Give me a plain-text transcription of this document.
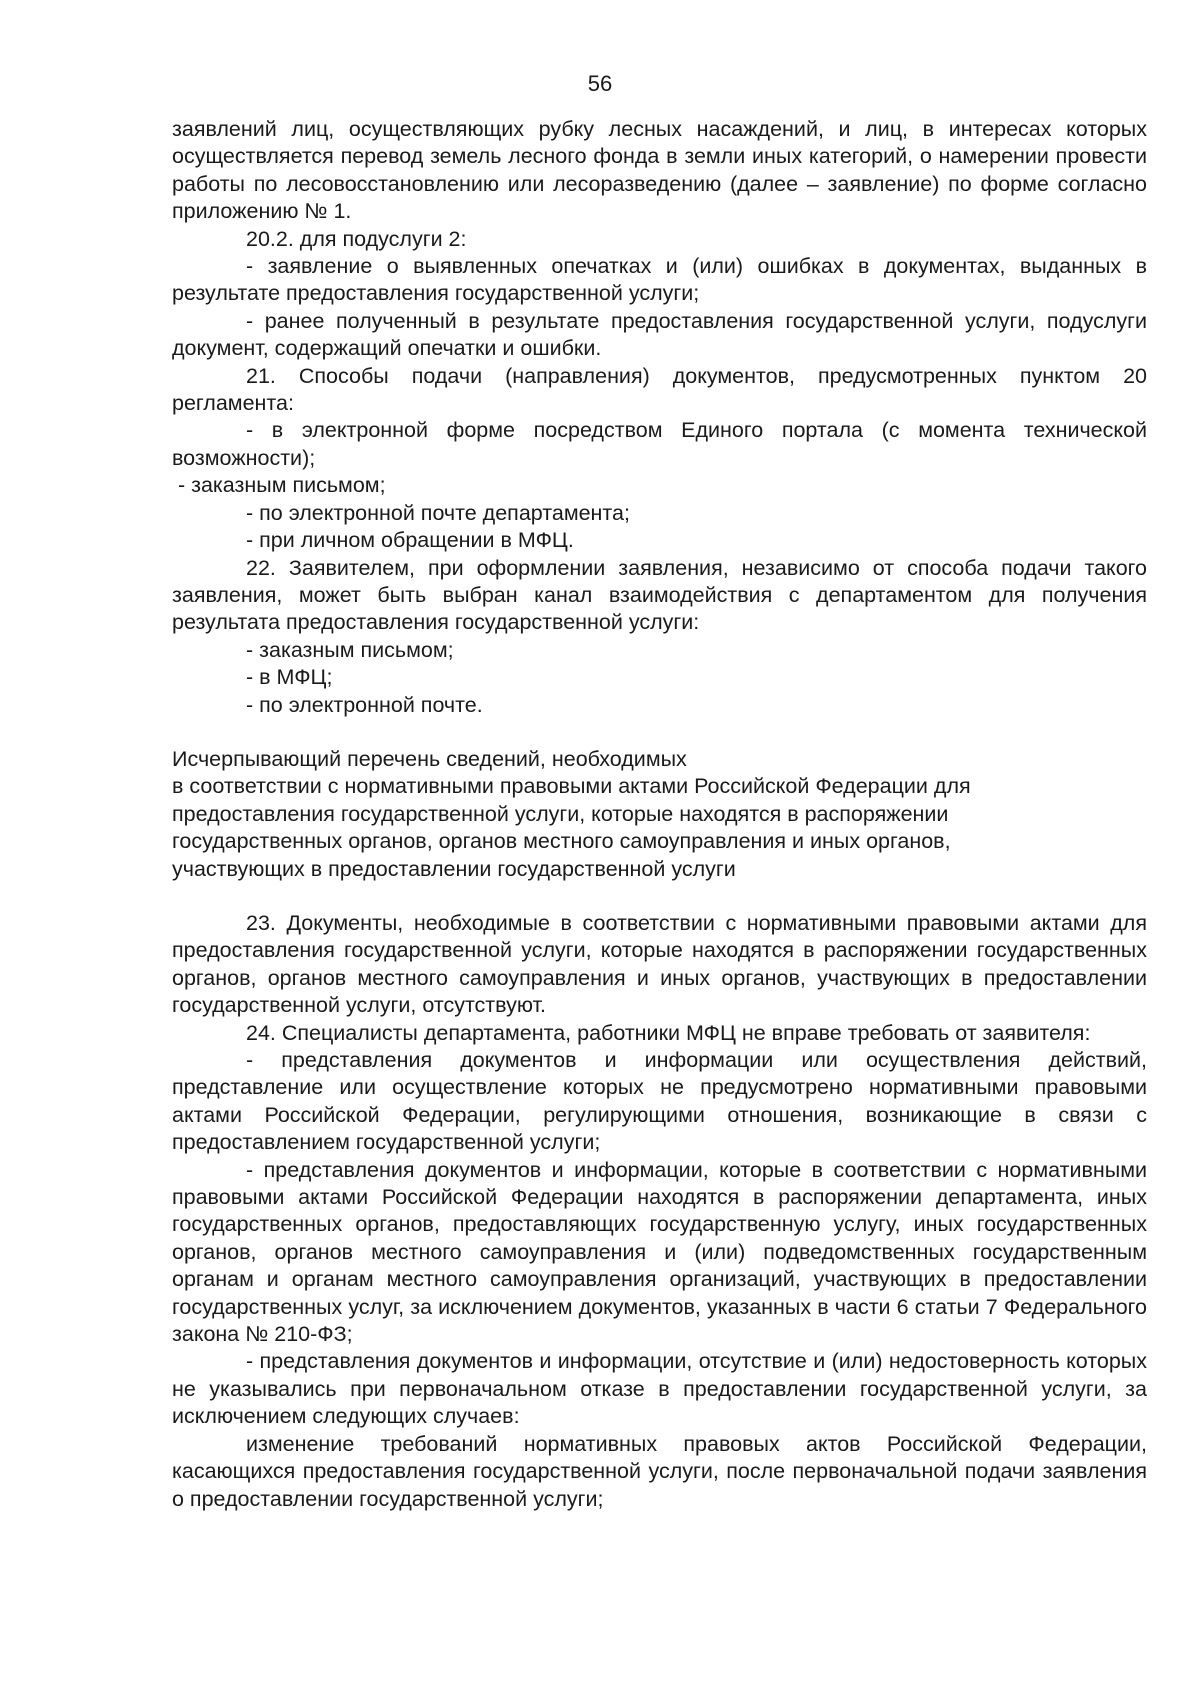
56

заявлений лиц, осуществляющих рубку лесных насаждений, и лиц, в интересах которых осуществляется перевод земель лесного фонда в земли иных категорий, о намерении провести работы по лесовосстановлению или лесоразведению (далее – заявление) по форме согласно приложению № 1.

20.2. для подуслуги 2:

- заявление о выявленных опечатках и (или) ошибках в документах, выданных в результате предоставления государственной услуги;

- ранее полученный в результате предоставления государственной услуги, подуслуги документ, содержащий опечатки и ошибки.

21. Способы подачи (направления) документов, предусмотренных пунктом 20 регламента:

- в электронной форме посредством Единого портала (с момента технической возможности);

- заказным письмом;

- по электронной почте департамента;

- при личном обращении в МФЦ.

22. Заявителем, при оформлении заявления, независимо от способа подачи такого заявления, может быть выбран канал взаимодействия с департаментом для получения результата предоставления государственной услуги:

- заказным письмом;

- в МФЦ;

- по электронной почте.

Исчерпывающий перечень сведений, необходимых

в соответствии с нормативными правовыми актами Российской Федерации для

предоставления государственной услуги, которые находятся в распоряжении

государственных органов, органов местного самоуправления и иных органов,

участвующих в предоставлении государственной услуги

23. Документы, необходимые в соответствии с нормативными правовыми актами для предоставления государственной услуги, которые находятся в распоряжении государственных органов, органов местного самоуправления и иных органов, участвующих в предоставлении государственной услуги, отсутствуют.

24. Специалисты департамента, работники МФЦ не вправе требовать от заявителя:

- представления документов и информации или осуществления действий, представление или осуществление которых не предусмотрено нормативными правовыми актами Российской Федерации, регулирующими отношения, возникающие в связи с предоставлением государственной услуги;

- представления документов и информации, которые в соответствии с нормативными правовыми актами Российской Федерации находятся в распоряжении департамента, иных государственных органов, предоставляющих государственную услугу, иных государственных органов, органов местного самоуправления и (или) подведомственных государственным органам и органам местного самоуправления организаций, участвующих в предоставлении государственных услуг, за исключением документов, указанных в части 6 статьи 7 Федерального закона № 210-ФЗ;

- представления документов и информации, отсутствие и (или) недостоверность которых не указывались при первоначальном отказе в предоставлении государственной услуги, за исключением следующих случаев:

изменение требований нормативных правовых актов Российской Федерации, касающихся предоставления государственной услуги, после первоначальной подачи заявления о предоставлении государственной услуги;
